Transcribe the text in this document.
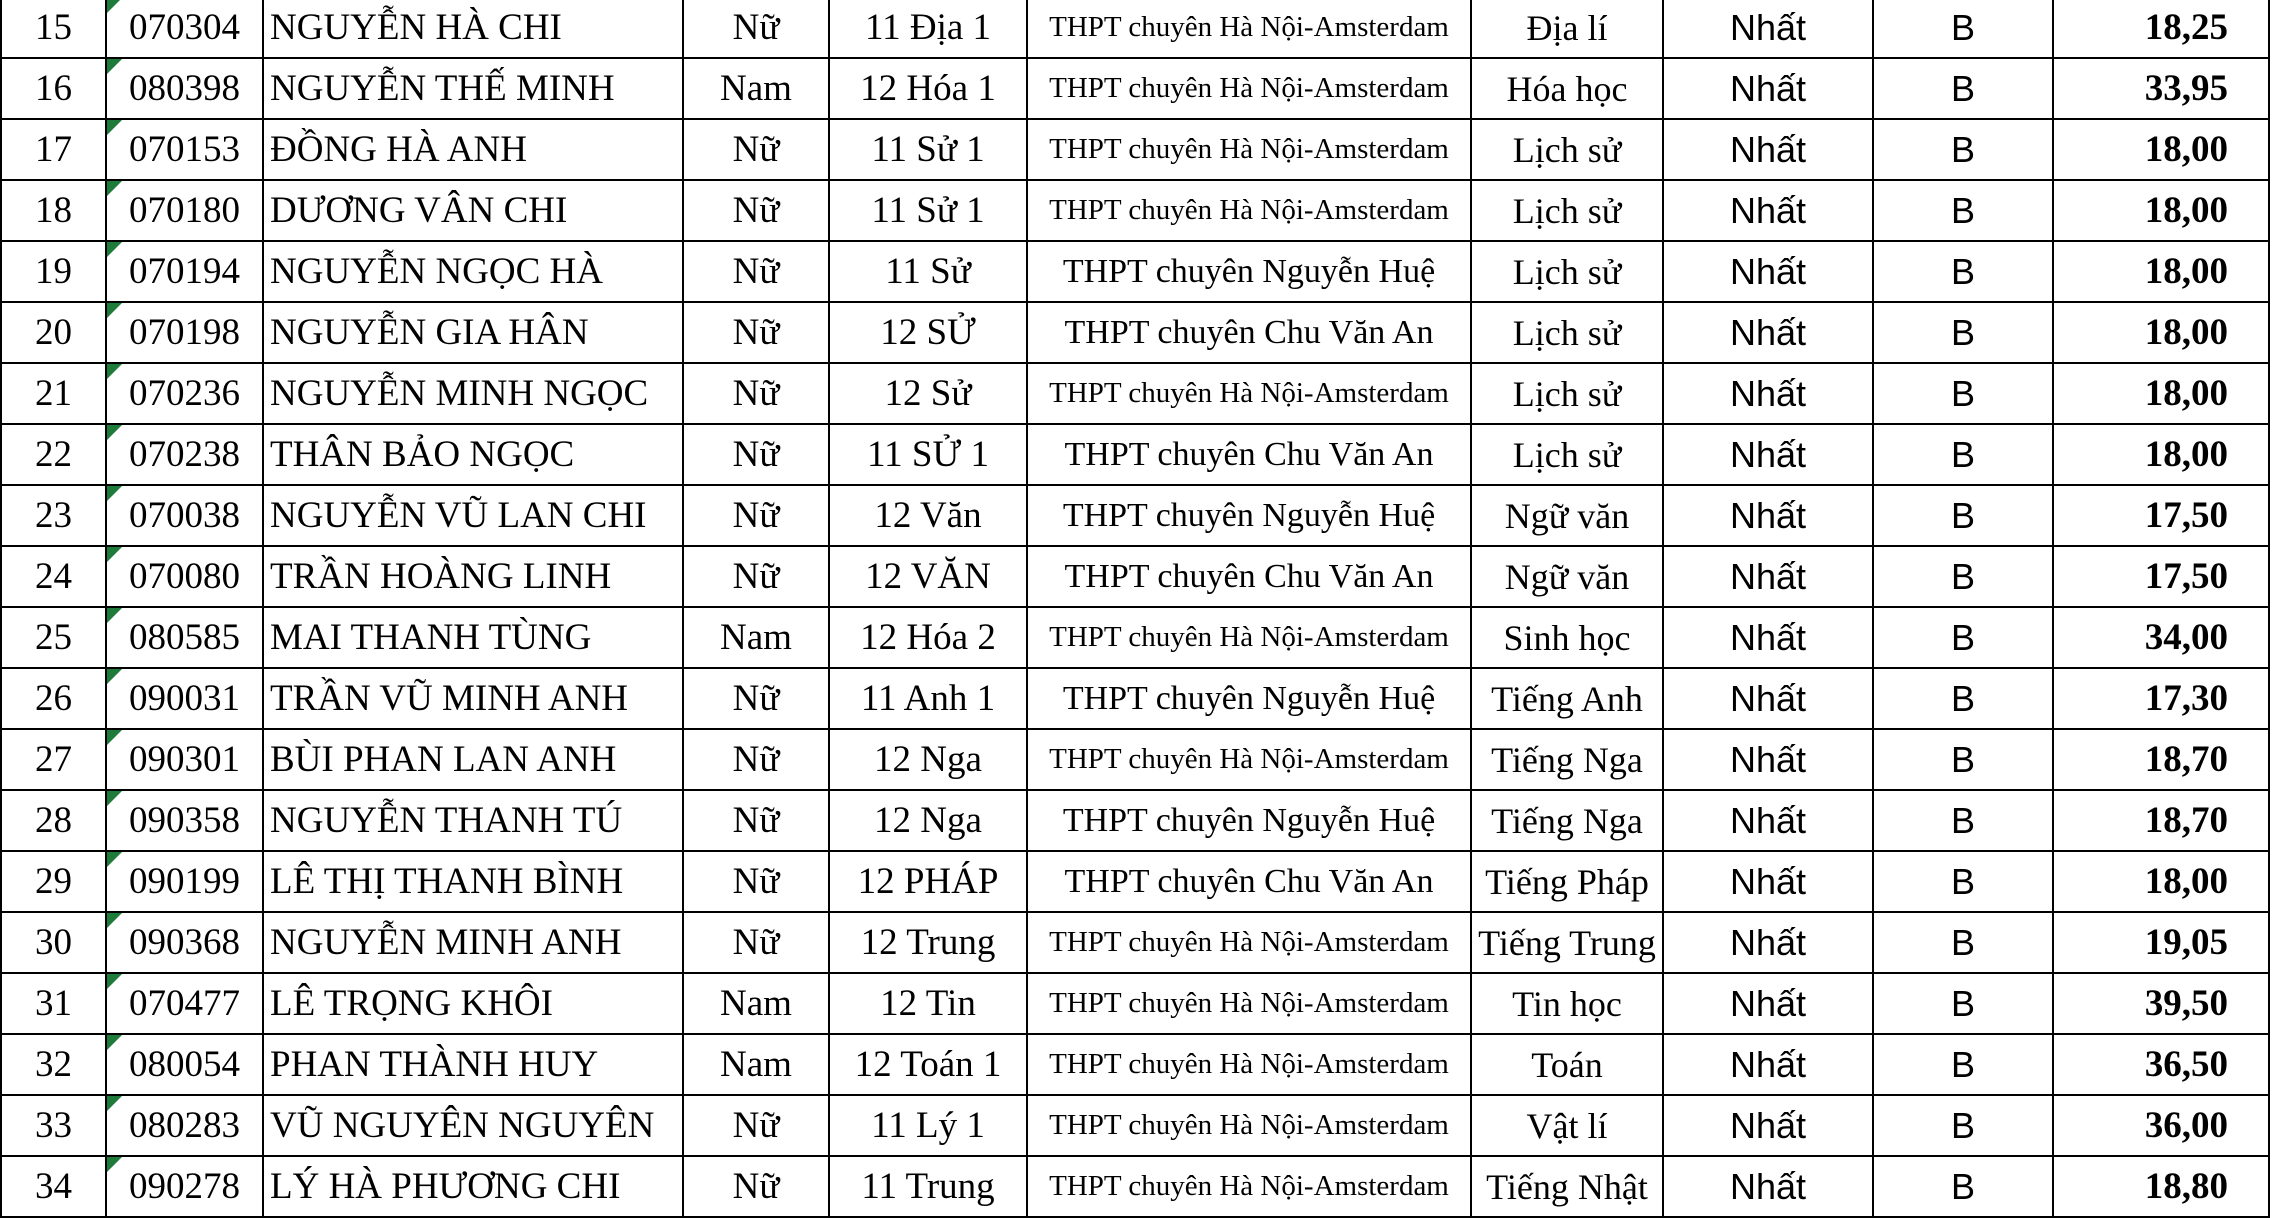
15	070304	NGUYỄN HÀ CHI	Nữ	11 Địa 1	THPT chuyên Hà Nội-Amsterdam	Địa lí	Nhất	B	18,25
16	080398	NGUYỄN THẾ MINH	Nam	12 Hóa 1	THPT chuyên Hà Nội-Amsterdam	Hóa học	Nhất	B	33,95
17	070153	ĐỒNG HÀ ANH	Nữ	11 Sử 1	THPT chuyên Hà Nội-Amsterdam	Lịch sử	Nhất	B	18,00
18	070180	DƯƠNG VÂN CHI	Nữ	11 Sử 1	THPT chuyên Hà Nội-Amsterdam	Lịch sử	Nhất	B	18,00
19	070194	NGUYỄN NGỌC HÀ	Nữ	11 Sử	THPT chuyên Nguyễn Huệ	Lịch sử	Nhất	B	18,00
20	070198	NGUYỄN GIA HÂN	Nữ	12 SỬ	THPT chuyên Chu Văn An	Lịch sử	Nhất	B	18,00
21	070236	NGUYỄN MINH NGỌC	Nữ	12 Sử	THPT chuyên Hà Nội-Amsterdam	Lịch sử	Nhất	B	18,00
22	070238	THÂN BẢO NGỌC	Nữ	11 SỬ 1	THPT chuyên Chu Văn An	Lịch sử	Nhất	B	18,00
23	070038	NGUYỄN VŨ LAN CHI	Nữ	12 Văn	THPT chuyên Nguyễn Huệ	Ngữ văn	Nhất	B	17,50
24	070080	TRẦN HOÀNG LINH	Nữ	12 VĂN	THPT chuyên Chu Văn An	Ngữ văn	Nhất	B	17,50
25	080585	MAI THANH TÙNG	Nam	12 Hóa 2	THPT chuyên Hà Nội-Amsterdam	Sinh học	Nhất	B	34,00
26	090031	TRẦN VŨ MINH ANH	Nữ	11 Anh 1	THPT chuyên Nguyễn Huệ	Tiếng Anh	Nhất	B	17,30
27	090301	BÙI PHAN LAN ANH	Nữ	12 Nga	THPT chuyên Hà Nội-Amsterdam	Tiếng Nga	Nhất	B	18,70
28	090358	NGUYỄN THANH TÚ	Nữ	12 Nga	THPT chuyên Nguyễn Huệ	Tiếng Nga	Nhất	B	18,70
29	090199	LÊ THỊ THANH BÌNH	Nữ	12 PHÁP	THPT chuyên Chu Văn An	Tiếng Pháp	Nhất	B	18,00
30	090368	NGUYỄN MINH ANH	Nữ	12 Trung	THPT chuyên Hà Nội-Amsterdam	Tiếng Trung	Nhất	B	19,05
31	070477	LÊ TRỌNG KHÔI	Nam	12 Tin	THPT chuyên Hà Nội-Amsterdam	Tin học	Nhất	B	39,50
32	080054	PHAN THÀNH HUY	Nam	12 Toán 1	THPT chuyên Hà Nội-Amsterdam	Toán	Nhất	B	36,50
33	080283	VŨ NGUYÊN NGUYÊN	Nữ	11 Lý 1	THPT chuyên Hà Nội-Amsterdam	Vật lí	Nhất	B	36,00
34	090278	LÝ HÀ PHƯƠNG CHI	Nữ	11 Trung	THPT chuyên Hà Nội-Amsterdam	Tiếng Nhật	Nhất	B	18,80
